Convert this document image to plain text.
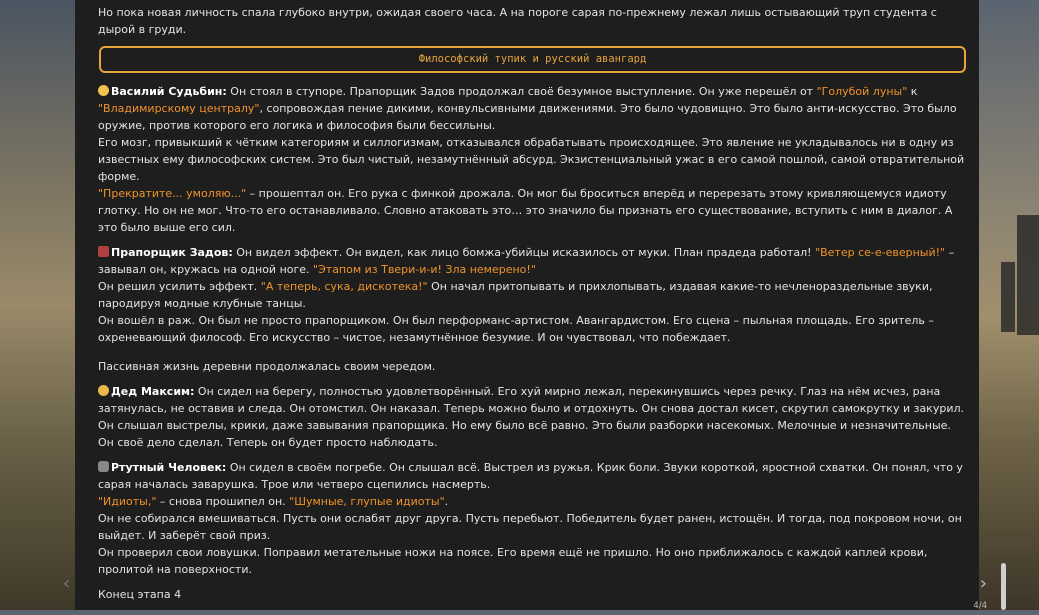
Но пока новая личность спала глубоко внутри, ожидая своего часа. А на пороге сарая по-прежнему лежал лишь остывающий труп студента с дырой в груди.

Философский тупик и русский авангард

Василий Судьбин: Он стоял в ступоре. Прапорщик Задов продолжал своё безумное выступление. Он уже перешёл от "Голубой луны" к "Владимирскому централу", сопровождая пение дикими, конвульсивными движениями. Это было чудовищно. Это было анти-искусство. Это было оружие, против которого его логика и философия были бессильны.

Его мозг, привыкший к чётким категориям и силлогизмам, отказывался обрабатывать происходящее. Это явление не укладывалось ни в одну из известных ему философских систем. Это был чистый, незамутнённый абсурд. Экзистенциальный ужас в его самой пошлой, самой отвратительной форме.

"Прекратите... умоляю..." – прошептал он. Его рука с финкой дрожала. Он мог бы броситься вперёд и перерезать этому кривляющемуся идиоту глотку. Но он не мог. Что-то его останавливало. Словно атаковать это… это значило бы признать его существование, вступить с ним в диалог. А это было выше его сил.

Прапорщик Задов: Он видел эффект. Он видел, как лицо бомжа-убийцы исказилось от муки. План прадеда работал! "Ветер се-е-еверный!" – завывал он, кружась на одной ноге. "Этапом из Твери-и-и! Зла немерено!"

Он решил усилить эффект. "А теперь, сука, дискотека!" Он начал притопывать и прихлопывать, издавая какие-то нечленораздельные звуки, пародируя модные клубные танцы.

Он вошёл в раж. Он был не просто прапорщиком. Он был перформанс-артистом. Авангардистом. Его сцена – пыльная площадь. Его зритель – охреневающий философ. Его искусство – чистое, незамутнённое безумие. И он чувствовал, что побеждает.

Пассивная жизнь деревни продолжалась своим чередом.

Дед Максим: Он сидел на берегу, полностью удовлетворённый. Его хуй мирно лежал, перекинувшись через речку. Глаз на нём исчез, рана затянулась, не оставив и следа. Он отомстил. Он наказал. Теперь можно было и отдохнуть. Он снова достал кисет, скрутил самокрутку и закурил. Он слышал выстрелы, крики, даже завывания прапорщика. Но ему было всё равно. Это были разборки насекомых. Мелочные и незначительные. Он своё дело сделал. Теперь он будет просто наблюдать.

Ртутный Человек: Он сидел в своём погребе. Он слышал всё. Выстрел из ружья. Крик боли. Звуки короткой, яростной схватки. Он понял, что у сарая началась заварушка. Трое или четверо сцепились насмерть.

"Идиоты," – снова прошипел он. "Шумные, глупые идиоты".

Он не собирался вмешиваться. Пусть они ослабят друг друга. Пусть перебьют. Победитель будет ранен, истощён. И тогда, под покровом ночи, он выйдет. И заберёт свой приз.

Он проверил свои ловушки. Поправил метательные ножи на поясе. Его время ещё не пришло. Но оно приближалось с каждой каплей крови, пролитой на поверхности.

Конец этапа 4

‹	›
4/4
